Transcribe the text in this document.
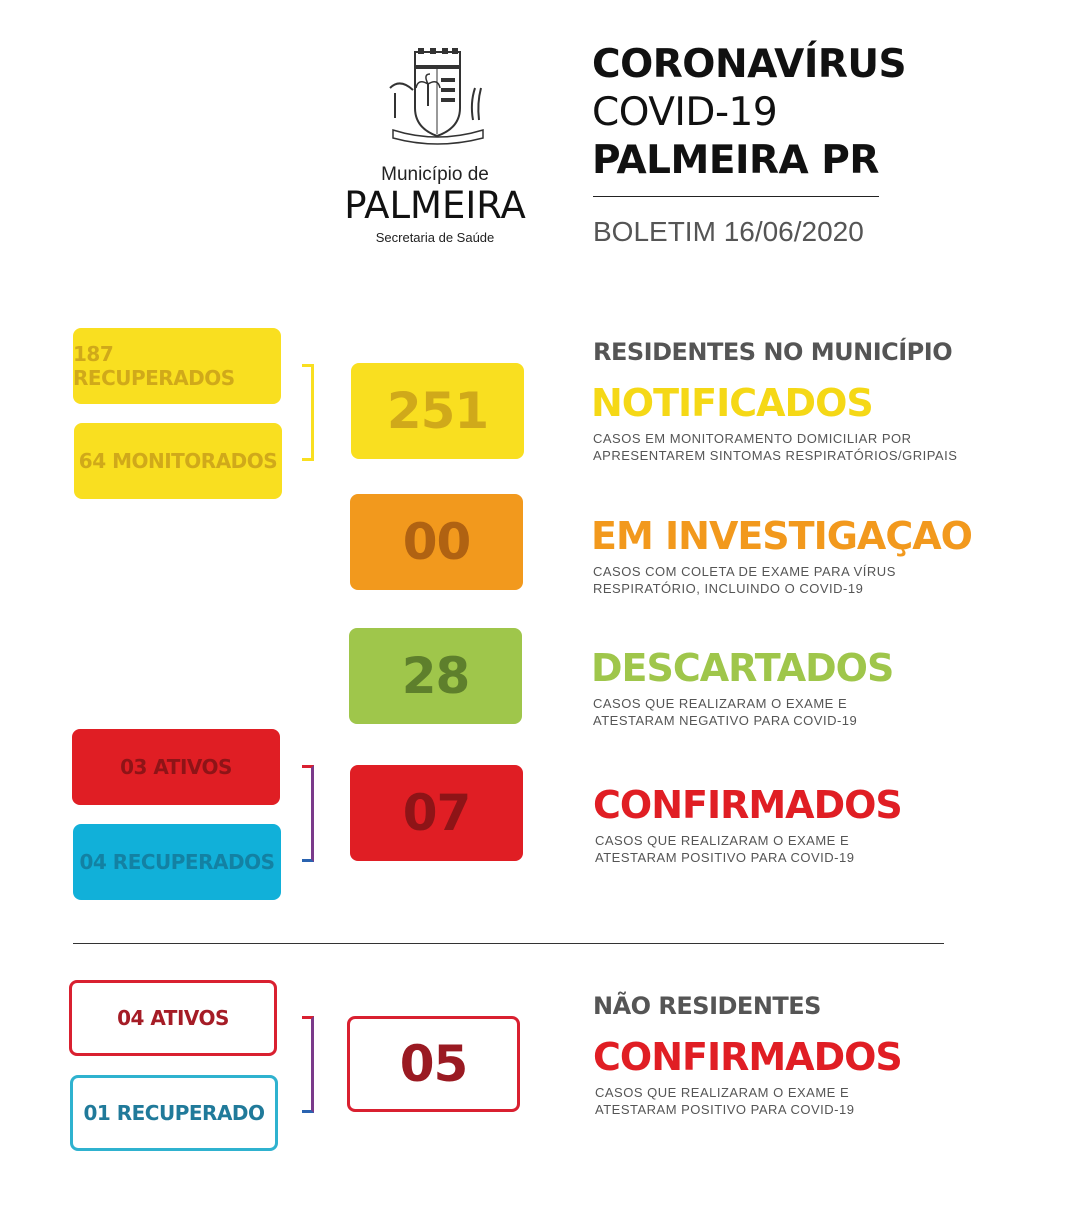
Município de
PALMEIRA
Secretaria de Saúde
CORONAVÍRUS
COVID-19
PALMEIRA PR
BOLETIM 16/06/2020
RESIDENTES NO MUNICÍPIO
187 RECUPERADOS
64 MONITORADOS
251	NOTIFICADOS
CASOS EM MONITORAMENTO DOMICILIAR POR
APRESENTAREM SINTOMAS RESPIRATÓRIOS/GRIPAIS
00	EM INVESTIGAÇAO
CASOS COM COLETA DE EXAME PARA VÍRUS
RESPIRATÓRIO, INCLUINDO O COVID-19
28	DESCARTADOS
CASOS QUE REALIZARAM O EXAME E
ATESTARAM NEGATIVO PARA COVID-19
03 ATIVOS
04 RECUPERADOS
07	CONFIRMADOS
CASOS QUE REALIZARAM O EXAME E
ATESTARAM POSITIVO PARA COVID-19
NÃO RESIDENTES
04 ATIVOS
01 RECUPERADO
05	CONFIRMADOS
CASOS QUE REALIZARAM O EXAME E
ATESTARAM POSITIVO PARA COVID-19
